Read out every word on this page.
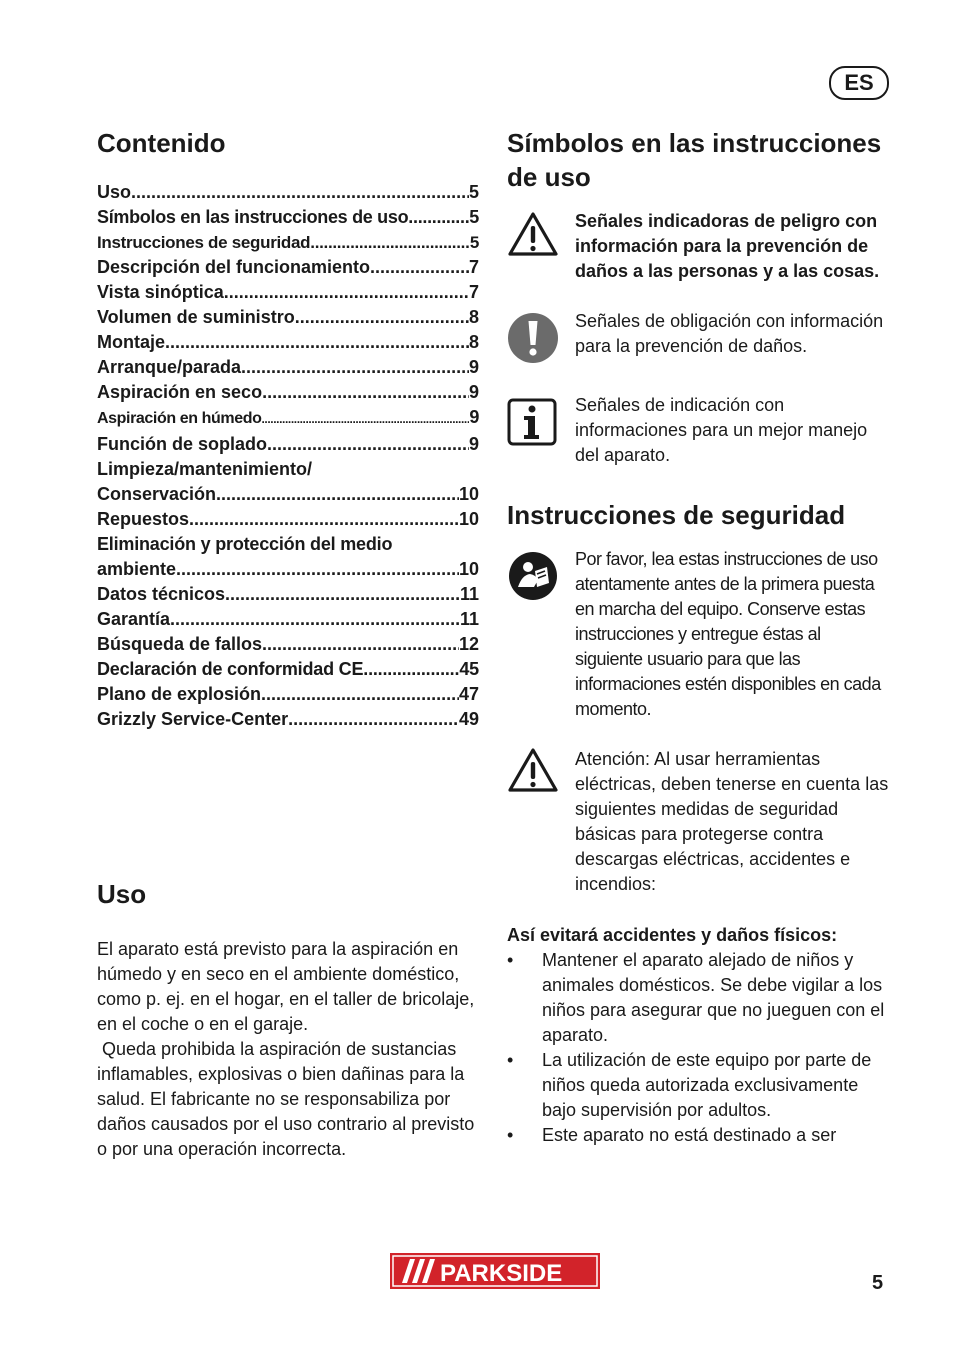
ES
Contenido
Uso .....	5
Símbolos en las instrucciones de uso .....	5
Instrucciones de seguridad .....	5
Descripción del funcionamiento .....	7
Vista sinóptica .....	7
Volumen de suministro .....	8
Montaje .....	8
Arranque/parada .....	9
Aspiración en seco .....	9
Aspiración en húmedo .....	9
Función de soplado .....	9
Limpieza/mantenimiento/
Conservación .....	10
Repuestos .....	10
Eliminación y protección del medio
ambiente .....	10
Datos técnicos .....	11
Garantía .....	11
Búsqueda de fallos .....	12
Declaración de conformidad CE .....	45
Plano de explosión .....	47
Grizzly Service-Center .....	49
Uso
El aparato está previsto para la aspiración en húmedo y en seco en el ambiente doméstico, como p. ej. en el hogar, en el taller de bricolaje, en el coche o en el garaje.
Queda prohibida la aspiración de sustancias inflamables, explosivas o bien dañinas para la salud. El fabricante no se responsabiliza por daños causados por el uso contrario al previsto o por una operación incorrecta.
Símbolos en las instrucciones de uso
Señales indicadoras de peligro con información para la prevención de daños a las personas y a las cosas.
Señales de obligación con información para la prevención de daños.
Señales de indicación con informaciones para un mejor manejo del aparato.
Instrucciones de seguridad
Por favor, lea estas instrucciones de uso atentamente antes de la primera puesta en marcha del equipo. Conserve estas instrucciones y entregue éstas al siguiente usuario para que las informaciones estén disponibles en cada momento.
Atención: Al usar herramientas eléctricas, deben tenerse en cuenta las siguientes medidas de seguridad básicas para protegerse contra descargas eléctricas, accidentes e incendios:
Así evitará accidentes y daños físicos:
•	Mantener el aparato alejado de niños y animales domésticos. Se debe vigilar a los niños para asegurar que no jueguen con el aparato.
•	La utilización de este equipo por parte de niños queda autorizada exclusivamente bajo supervisión por adultos.
•	Este aparato no está destinado a ser
PARKSIDE	5
